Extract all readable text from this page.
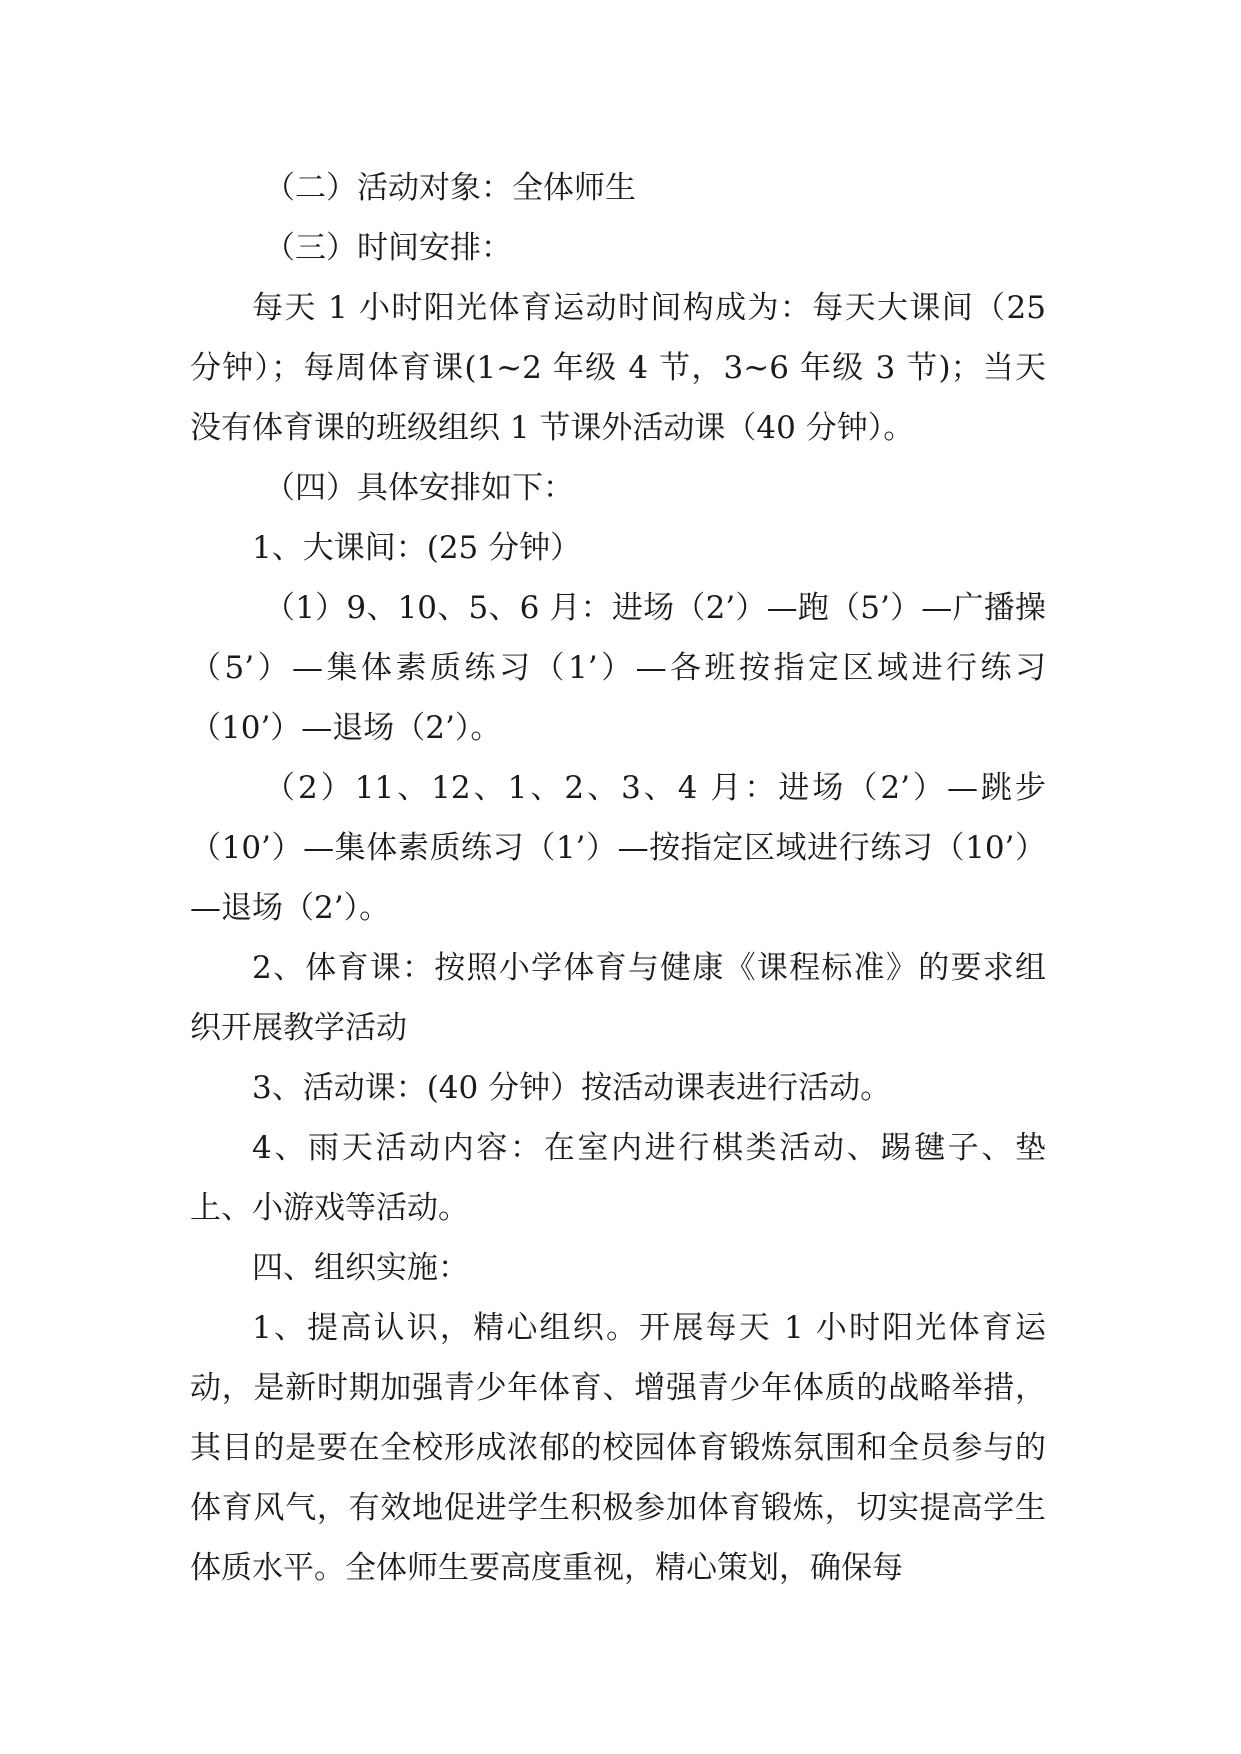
（二）活动对象：全体师生

（三）时间安排：

每天 1 小时阳光体育运动时间构成为：每天大课间（25 分钟）；每周体育课(1~2 年级 4 节，3~6 年级 3 节)；当天没有体育课的班级组织 1 节课外活动课（40 分钟）。

（四）具体安排如下：

1、大课间：(25 分钟）

（1）9、10、5、6 月：进场（2’）—跑（5’）—广播操（5’）—集体素质练习（1’）—各班按指定区域进行练习（10’）—退场（2’）。

（2）11、12、1、2、3、4 月：进场（2’）—跳步（10’）—集体素质练习（1’）—按指定区域进行练习（10’）—退场（2’）。

2、体育课：按照小学体育与健康《课程标准》的要求组织开展教学活动

3、活动课：(40 分钟）按活动课表进行活动。

4、雨天活动内容：在室内进行棋类活动、踢毽子、垫上、小游戏等活动。

四、组织实施：

1、提高认识，精心组织。开展每天 1 小时阳光体育运动，是新时期加强青少年体育、增强青少年体质的战略举措，其目的是要在全校形成浓郁的校园体育锻炼氛围和全员参与的体育风气，有效地促进学生积极参加体育锻炼，切实提高学生体质水平。全体师生要高度重视，精心策划，确保每
